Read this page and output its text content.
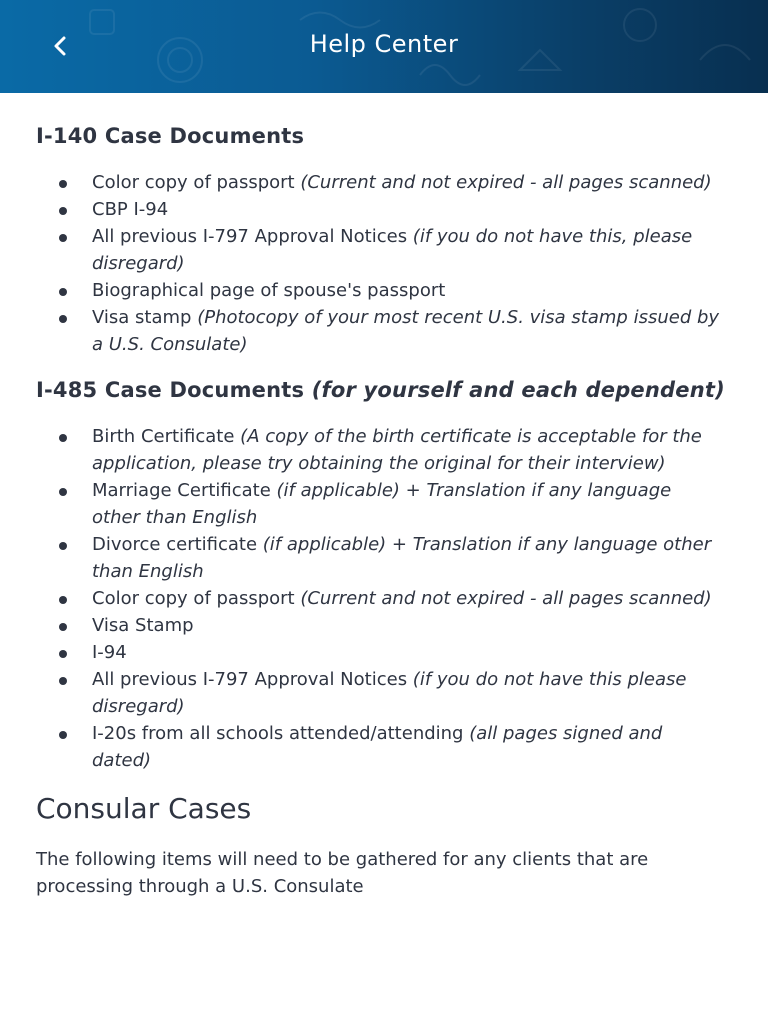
Help Center
I-140 Case Documents
Color copy of passport (Current and not expired - all pages scanned)
CBP I-94
All previous I-797 Approval Notices (if you do not have this, please disregard)
Biographical page of spouse's passport
Visa stamp (Photocopy of your most recent U.S. visa stamp issued by a U.S. Consulate)
I-485 Case Documents (for yourself and each dependent)
Birth Certificate (A copy of the birth certificate is acceptable for the application, please try obtaining the original for their interview)
Marriage Certificate (if applicable) + Translation if any language other than English
Divorce certificate (if applicable) + Translation if any language other than English
Color copy of passport (Current and not expired - all pages scanned)
Visa Stamp
I-94
All previous I-797 Approval Notices (if you do not have this please disregard)
I-20s from all schools attended/attending (all pages signed and dated)
Consular Cases

The following items will need to be gathered for any clients that are processing through a U.S. Consulate
